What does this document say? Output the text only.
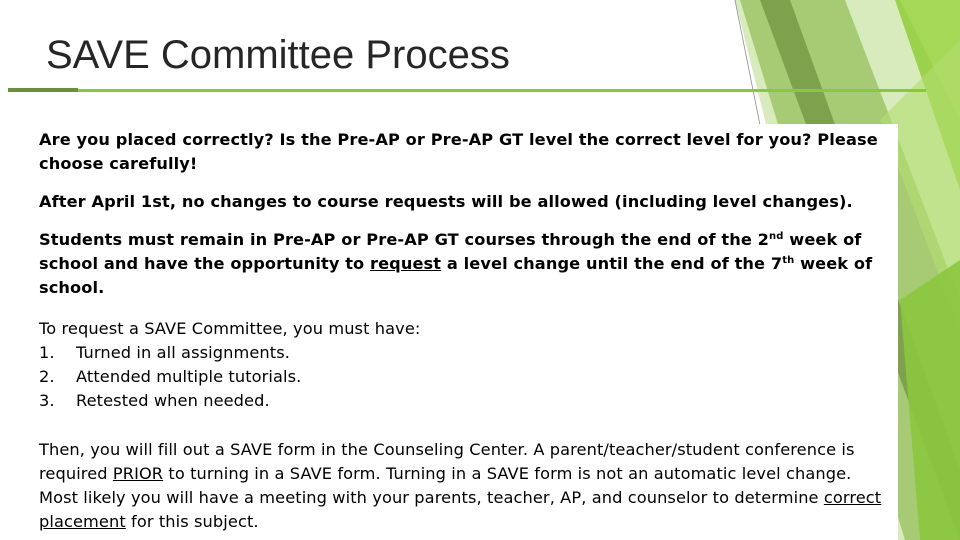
SAVE Committee Process

Are you placed correctly? Is the Pre-AP or Pre-AP GT level the correct level for you? Please choose carefully!

After April 1st, no changes to course requests will be allowed (including level changes).

Students must remain in Pre-AP or Pre-AP GT courses through the end of the 2nd week of school and have the opportunity to request a level change until the end of the 7th week of school.

To request a SAVE Committee, you must have:

1. Turned in all assignments.

2. Attended multiple tutorials.

3. Retested when needed.

Then, you will fill out a SAVE form in the Counseling Center. A parent/teacher/student conference is required PRIOR to turning in a SAVE form. Turning in a SAVE form is not an automatic level change. Most likely you will have a meeting with your parents, teacher, AP, and counselor to determine correct placement for this subject.
